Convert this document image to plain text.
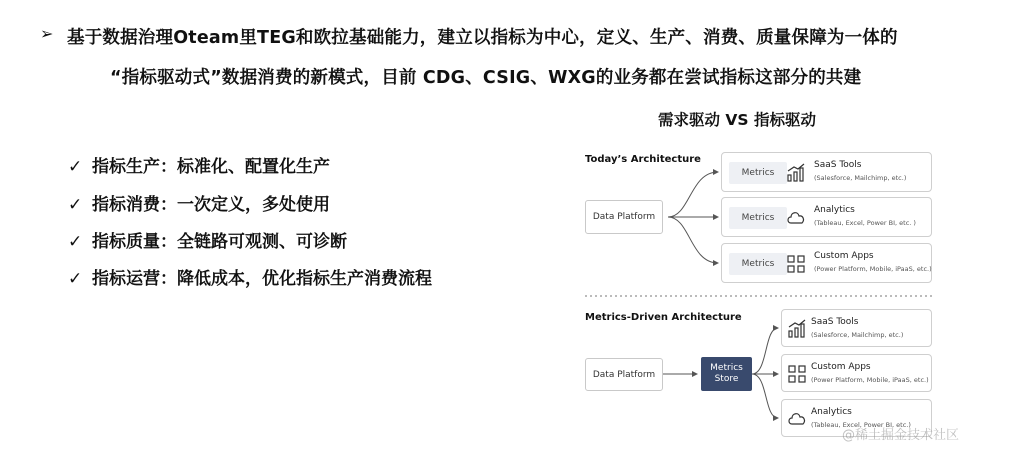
➢ 基于数据治理Oteam里TEG和欧拉基础能力，建立以指标为中心，定义、生产、消费、质量保障为一体的
“指标驱动式”数据消费的新模式，目前 CDG、CSIG、WXG的业务都在尝试指标这部分的共建
✓ 指标生产：标准化、配置化生产
✓ 指标消费：一次定义，多处使用
✓ 指标质量：全链路可观测、可诊断
✓ 指标运营：降低成本，优化指标生产消费流程
需求驱动 VS 指标驱动
Today’s Architecture
Data Platform
Metrics
SaaS Tools
(Salesforce, Mailchimp, etc.)
Metrics
Analytics
(Tableau, Excel, Power BI, etc. )
Metrics
Custom Apps
(Power Platform, Mobile, iPaaS, etc.)
Metrics-Driven Architecture
Data Platform
Metrics
Store
SaaS Tools
(Salesforce, Mailchimp, etc.)
Custom Apps
(Power Platform, Mobile, iPaaS, etc.)
Analytics
(Tableau, Excel, Power BI, etc.)
@稀土掘金技术社区
